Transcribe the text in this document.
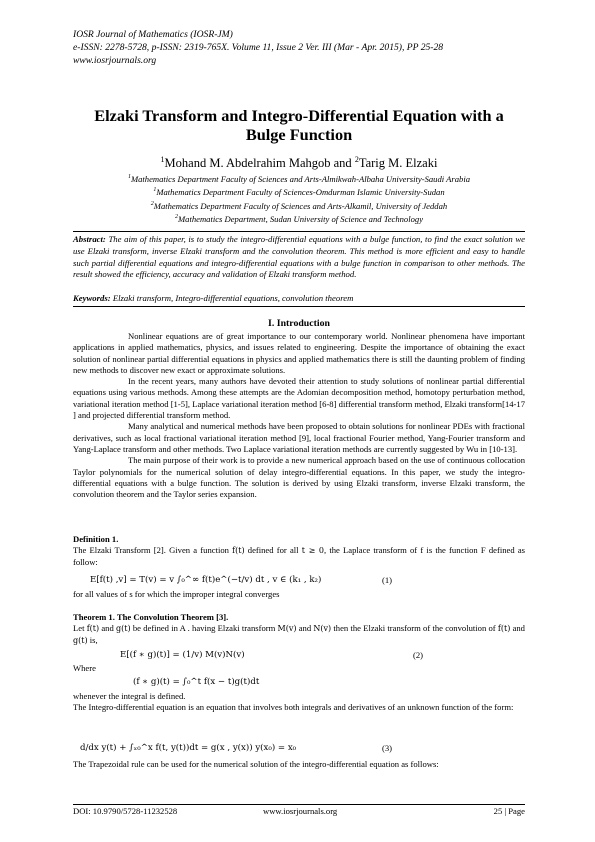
IOSR Journal of Mathematics (IOSR-JM)
e-ISSN: 2278-5728, p-ISSN: 2319-765X. Volume 11, Issue 2 Ver. III (Mar - Apr. 2015), PP 25-28
www.iosrjournals.org
Elzaki Transform and Integro-Differential Equation with a Bulge Function
$^1$Mohand M. Abdelrahim Mahgob and $^2$Tarig M. Elzaki
$^1$Mathematics Department Faculty of Sciences and Arts-Almikwah-Albaha University-Saudi Arabia
$^1$Mathematics Department Faculty of Sciences-Omdurman Islamic University-Sudan
$^2$Mathematics Department Faculty of Sciences and Arts-Alkamil, University of Jeddah
$^2$Mathematics Department, Sudan University of Science and Technology
Abstract: The aim of this paper, is to study the integro-differential equations with a bulge function, to find the exact solution we use Elzaki transform, inverse Elzaki transform and the convolution theorem. This method is more efficient and easy to handle such partial differential equations and integro-differential equations with a bulge function in comparison to other methods. The result showed the efficiency, accuracy and validation of Elzaki transform method.
Keywords: Elzaki transform, Integro-differential equations, convolution theorem
I. Introduction
Nonlinear equations are of great importance to our contemporary world. Nonlinear phenomena have important applications in applied mathematics, physics, and issues related to engineering. Despite the importance of obtaining the exact solution of nonlinear partial differential equations in physics and applied mathematics there is still the daunting problem of finding new methods to discover new exact or approximate solutions.
In the recent years, many authors have devoted their attention to study solutions of nonlinear partial differential equations using various methods. Among these attempts are the Adomian decomposition method, homotopy perturbation method, variational iteration method [1-5], Laplace variational iteration method [6-8] differential transform method, Elzaki transform[14-17 ] and projected differential transform method.
Many analytical and numerical methods have been proposed to obtain solutions for nonlinear PDEs with fractional derivatives, such as local fractional variational iteration method [9], local fractional Fourier method, Yang-Fourier transform and Yang-Laplace transform and other methods. Two Laplace variational iteration methods are currently suggested by Wu in [10-13].
The main purpose of their work is to provide a new numerical approach based on the use of continuous collocation Taylor polynomials for the numerical solution of delay integro-differential equations. In this paper, we study the integro-differential equations with a bulge function. The solution is derived by using Elzaki transform, inverse Elzaki transform, the convolution theorem and the Taylor series expansion.
Definition 1.
The Elzaki Transform [2]. Given a function f(t) defined for all t ≥ 0, the Laplace transform of f is the function F defined as follow:
E[f(t) ,v] = T(v) = v ∫₀^∞ f(t)e^(−t/v) dt , v ∈ (k₁ , k₂)	(1)
for all values of s for which the improper integral converges
Theorem 1. The Convolution Theorem [3].
Let f(t) and g(t) be defined in A . having Elzaki transform M(v) and N(v) then the Elzaki transform of the convolution of f(t) and g(t) is,
E[(f ∗ g)(t)] = (1/v) M(v)N(v)	(2)
Where
(f ∗ g)(t) = ∫₀^t f(x − t)g(t)dt
whenever the integral is defined.
The Integro-differential equation is an equation that involves both integrals and derivatives of an unknown function of the form:
d/dx y(t) + ∫ₓ₀^x f(t, y(t))dt = g(x , y(x)) y(x₀) = x₀	(3)
The Trapezoidal rule can be used for the numerical solution of the integro-differential equation as follows:
DOI: 10.9790/5728-11232528	www.iosrjournals.org	25 | Page
